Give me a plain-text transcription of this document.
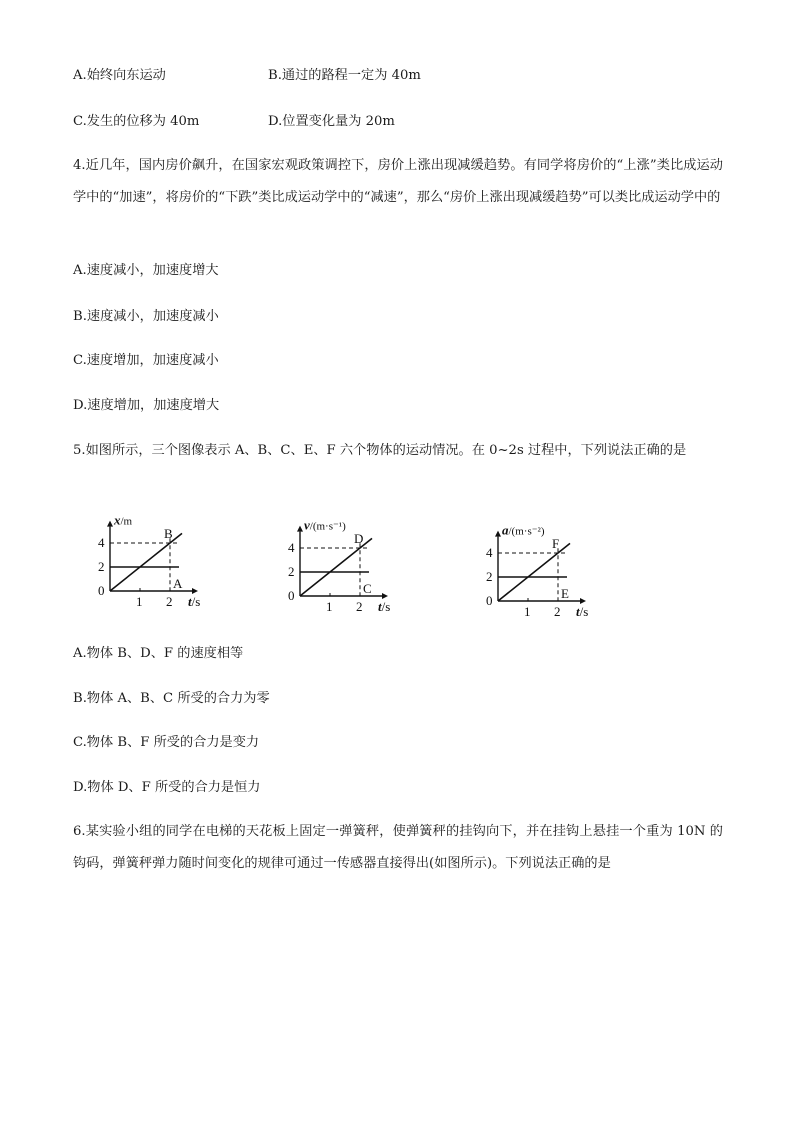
A.始终向东运动	B.通过的路程一定为 40m
C.发生的位移为 40m	D.位置变化量为 20m
4.近几年，国内房价飙升，在国家宏观政策调控下，房价上涨出现减缓趋势。有同学将房价的“上涨”类比成运动学中的“加速”，将房价的“下跌”类比成运动学中的“减速”，那么“房价上涨出现减缓趋势”可以类比成运动学中的
A.速度减小，加速度增大
B.速度减小，加速度减小
C.速度增加，加速度减小
D.速度增加，加速度增大
5.如图所示，三个图像表示 A、B、C、E、F 六个物体的运动情况。在 0~2s 过程中，下列说法正确的是
x/m
t/s
0
1 2
2
4
B
A
v/(m·s⁻¹)
t/s
0
1 2
2
4
D
C
a/(m·s⁻²)
t/s
0
1 2
2
4
F
E
A.物体 B、D、F 的速度相等
B.物体 A、B、C 所受的合力为零
C.物体 B、F 所受的合力是变力
D.物体 D、F 所受的合力是恒力
6.某实验小组的同学在电梯的天花板上固定一弹簧秤，使弹簧秤的挂钩向下，并在挂钩上悬挂一个重为 10N 的钩码，弹簧秤弹力随时间变化的规律可通过一传感器直接得出(如图所示)。下列说法正确的是
